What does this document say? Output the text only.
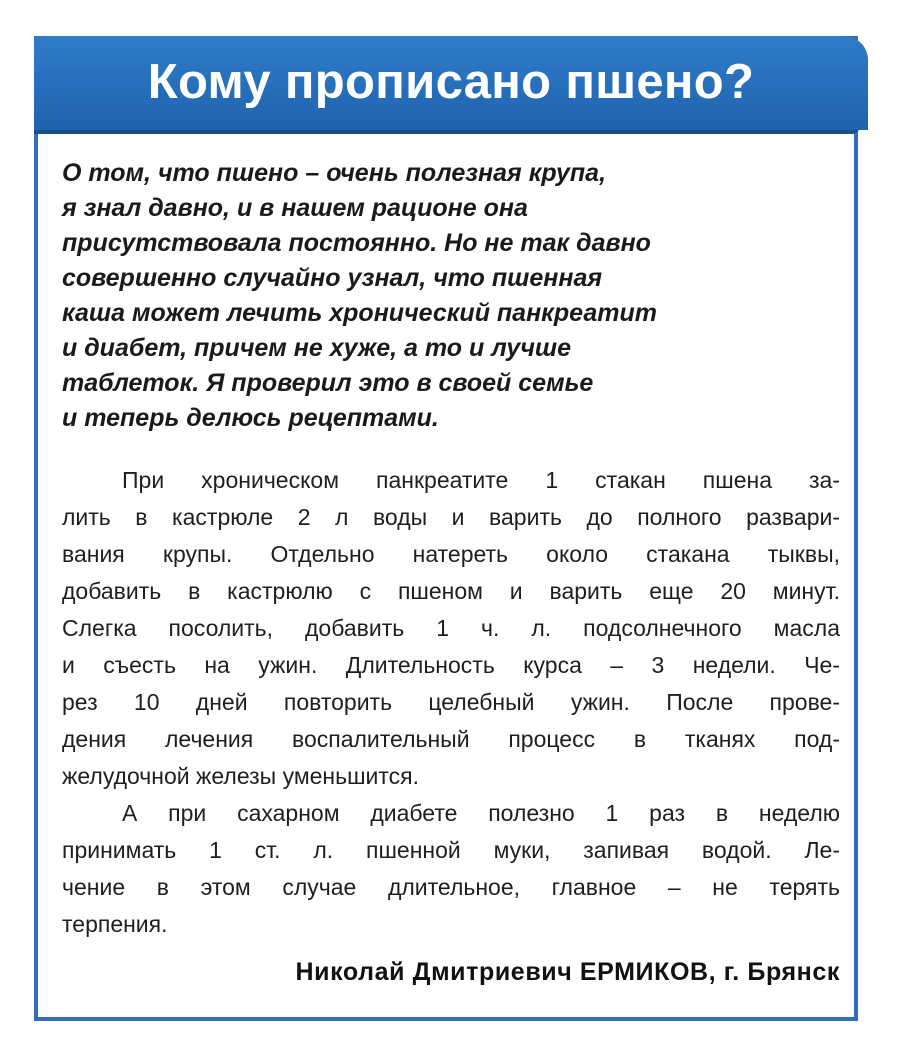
Кому прописано пшено?

О том, что пшено – очень полезная крупа,
я знал давно, и в нашем рационе она
присутствовала постоянно. Но не так давно
совершенно случайно узнал, что пшенная
каша может лечить хронический панкреатит
и диабет, причем не хуже, а то и лучше
таблеток. Я проверил это в своей семье
и теперь делюсь рецептами.

При хроническом панкреатите 1 стакан пшена за-
лить в кастрюле 2 л воды и варить до полного развари-
вания крупы. Отдельно натереть около стакана тыквы,
добавить в кастрюлю с пшеном и варить еще 20 минут.
Слегка посолить, добавить 1 ч. л. подсолнечного масла
и съесть на ужин. Длительность курса – 3 недели. Че-
рез 10 дней повторить целебный ужин. После прове-
дения лечения воспалительный процесс в тканях под-
желудочной железы уменьшится.
А при сахарном диабете полезно 1 раз в неделю
принимать 1 ст. л. пшенной муки, запивая водой. Ле-
чение в этом случае длительное, главное – не терять
терпения.

Николай Дмитриевич ЕРМИКОВ, г. Брянск
